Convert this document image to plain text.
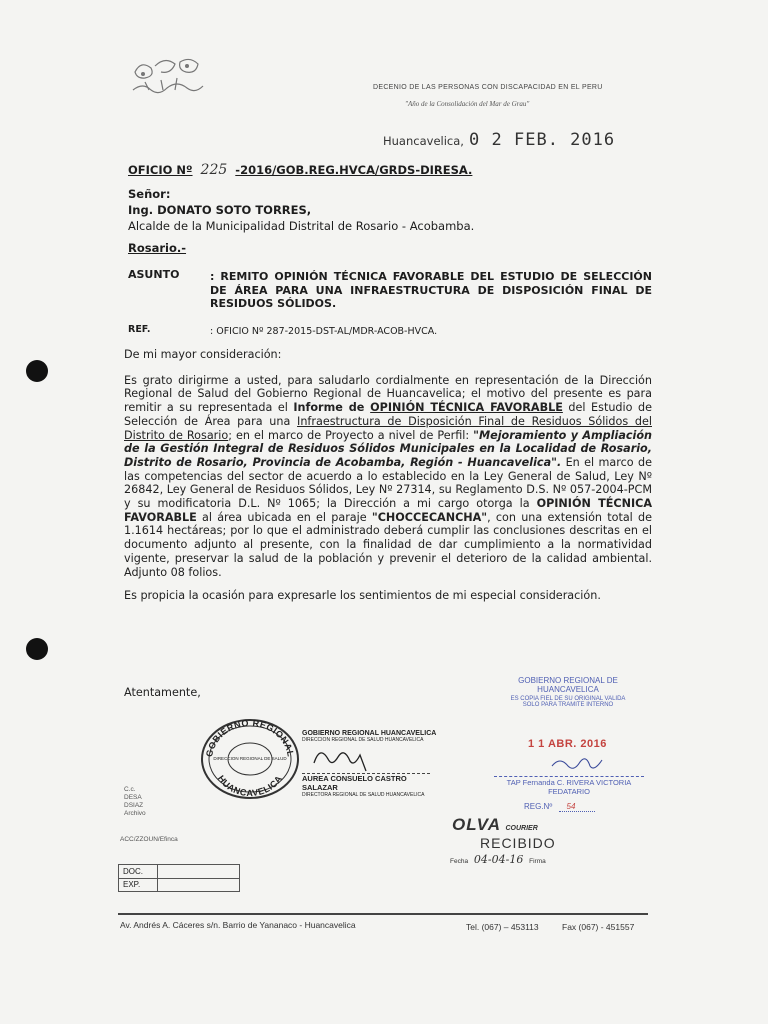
DECENIO DE LAS PERSONAS CON DISCAPACIDAD EN EL PERU
"Año de la Consolidación del Mar de Grau"
Huancavelica, 0 2 FEB. 2016
OFICIO Nº 225 -2016/GOB.REG.HVCA/GRDS-DIRESA.
Señor:
Ing. DONATO SOTO TORRES,
Alcalde de la Municipalidad Distrital de Rosario - Acobamba.
Rosario.-
ASUNTO	: REMITO OPINIÓN TÉCNICA FAVORABLE DEL ESTUDIO DE SELECCIÓN DE ÁREA PARA UNA INFRAESTRUCTURA DE DISPOSICIÓN FINAL DE RESIDUOS SÓLIDOS.
REF.	: OFICIO Nº 287-2015-DST-AL/MDR-ACOB-HVCA.

De mi mayor consideración:

Es grato dirigirme a usted, para saludarlo cordialmente en representación de la Dirección Regional de Salud del Gobierno Regional de Huancavelica; el motivo del presente es para remitir a su representada el Informe de OPINIÓN TÉCNICA FAVORABLE del Estudio de Selección de Área para una Infraestructura de Disposición Final de Residuos Sólidos del Distrito de Rosario; en el marco de Proyecto a nivel de Perfil: "Mejoramiento y Ampliación de la Gestión Integral de Residuos Sólidos Municipales en la Localidad de Rosario, Distrito de Rosario, Provincia de Acobamba, Región - Huancavelica". En el marco de las competencias del sector de acuerdo a lo establecido en la Ley General de Salud, Ley Nº 26842, Ley General de Residuos Sólidos, Ley Nº 27314, su Reglamento D.S. Nº 057-2004-PCM y su modificatoria D.L. Nº 1065; la Dirección a mi cargo otorga la OPINIÓN TÉCNICA FAVORABLE al área ubicada en el paraje "CHOCCECANCHA", con una extensión total de 1.1614 hectáreas; por lo que el administrado deberá cumplir las conclusiones descritas en el documento adjunto al presente, con la finalidad de dar cumplimiento a la normatividad vigente, preservar la salud de la población y prevenir el deterioro de la calidad ambiental. Adjunto 08 folios.

Es propicia la ocasión para expresarle los sentimientos de mi especial consideración.

Atentamente,
GOBIERNO REGIONAL
HUANCAVELICA
DIRECCION REGIONAL DE SALUD
GOBIERNO REGIONAL HUANCAVELICA
DIRECCION REGIONAL DE SALUD HUANCAVELICA
AUREA CONSUELO CASTRO SALAZAR
DIRECTORA REGIONAL DE SALUD HUANCAVELICA
GOBIERNO REGIONAL DE HUANCAVELICA
ES COPIA FIEL DE SU ORIGINAL VALIDA
SOLO PARA TRAMITE INTERNO
1 1 ABR. 2016
TAP Fernanda C. RIVERA VICTORIA
FEDATARIO
REG.Nº 54
OLVA COURIER
RECIBIDO
Fecha 04-04-16 Firma
C.c.
DESA
DSIAZ
Archivo
ACC/ZZOUN/Efinca
DOC.
EXP.
Av. Andrés A. Cáceres s/n. Barrio de Yananaco - Huancavelica	Tel. (067) – 453113	Fax (067) - 451557
